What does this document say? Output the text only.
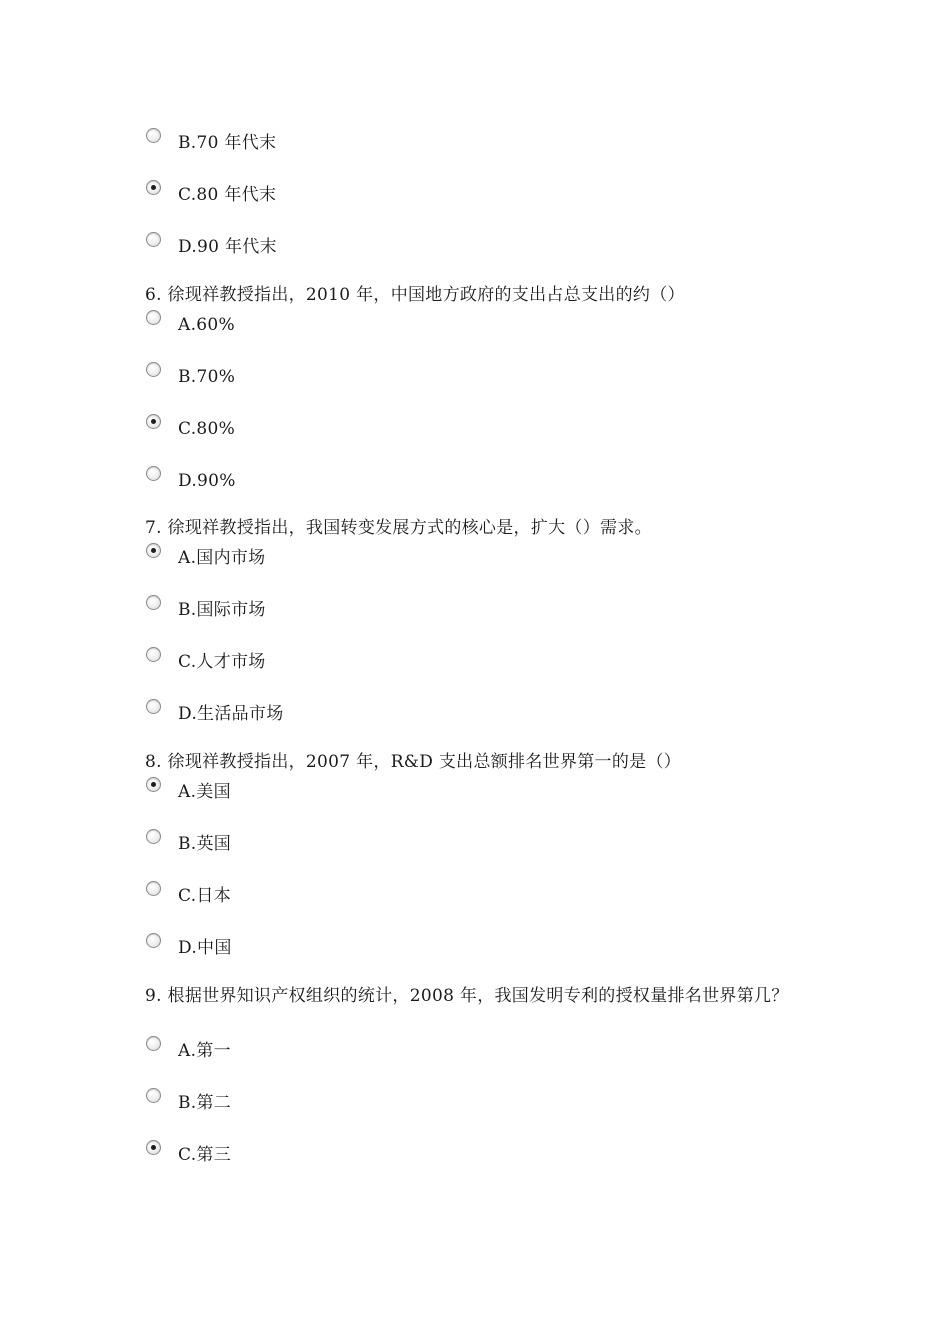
B.70 年代末
C.80 年代末
D.90 年代末
6. 徐现祥教授指出，2010 年，中国地方政府的支出占总支出的约（）
A.60%
B.70%
C.80%
D.90%
7. 徐现祥教授指出，我国转变发展方式的核心是，扩大（）需求。
A.国内市场
B.国际市场
C.人才市场
D.生活品市场
8. 徐现祥教授指出，2007 年，R&D 支出总额排名世界第一的是（）
A.美国
B.英国
C.日本
D.中国
9. 根据世界知识产权组织的统计，2008 年，我国发明专利的授权量排名世界第几？
A.第一
B.第二
C.第三
